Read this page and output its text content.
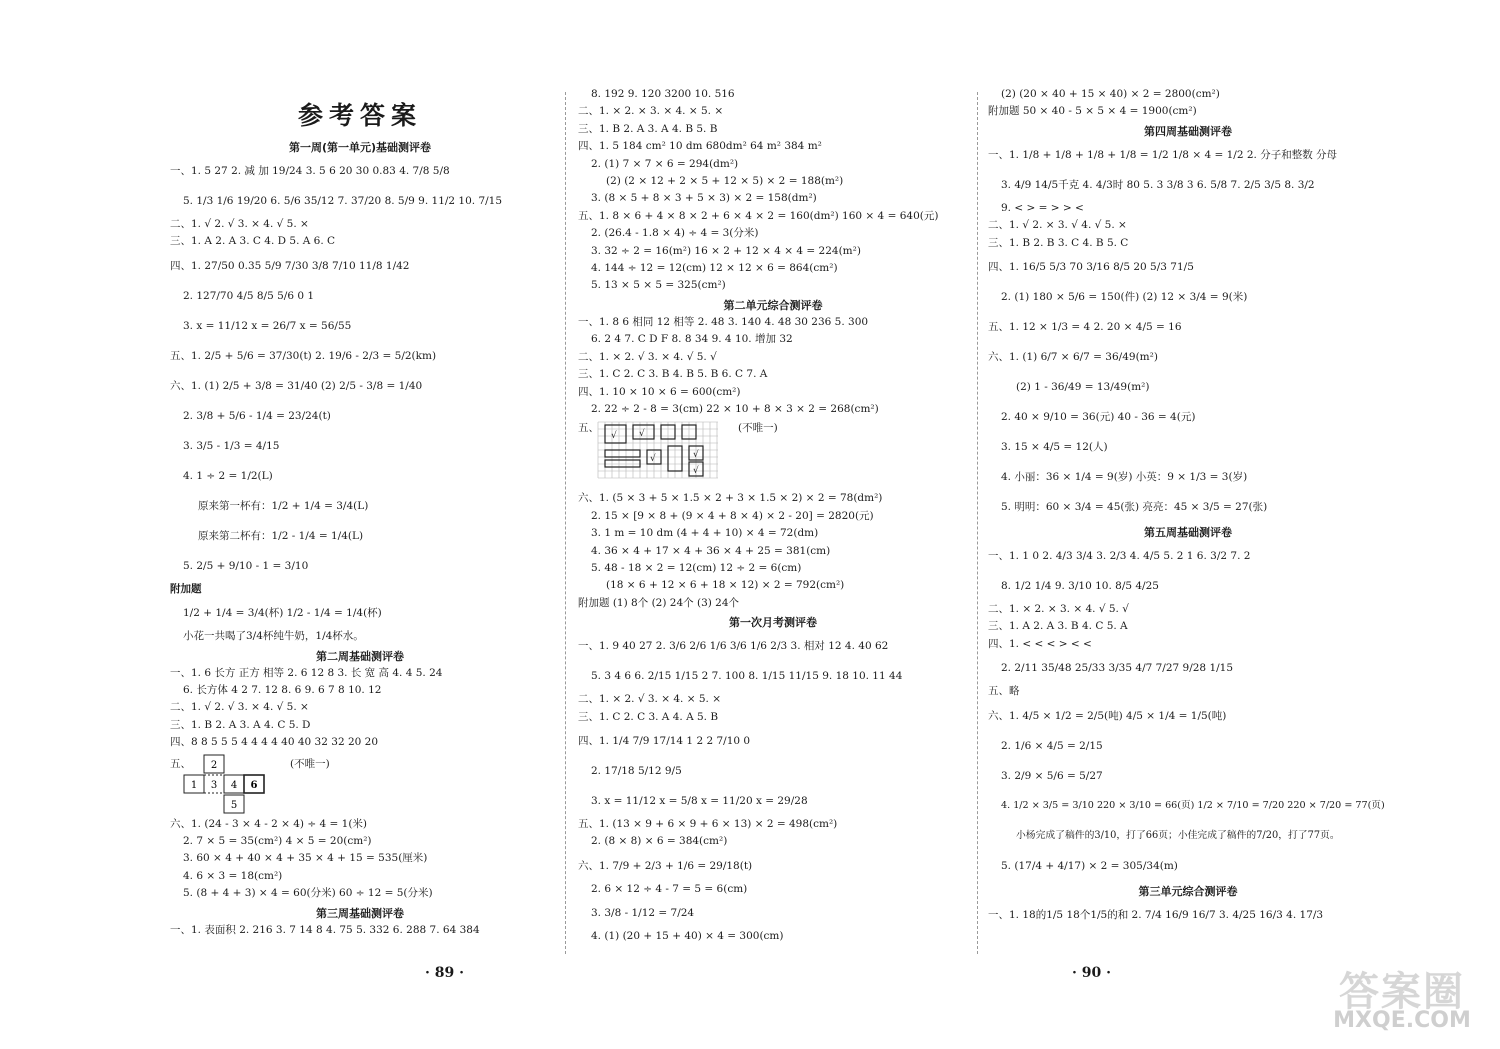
参考答案
第一周(第一单元)基础测评卷
一、1. 5 27 2. 减 加 19/24 3. 5 6 20 30 0.83 4. 7/8 5/8
5. 1/3 1/6 19/20 6. 5/6 35/12 7. 37/20 8. 5/9 9. 11/2 10. 7/15
二、1. √ 2. √ 3. × 4. √ 5. ×
三、1. A 2. A 3. C 4. D 5. A 6. C
四、1. 27/50 0.35 5/9 7/30 3/8 7/10 11/8 1/42
2. 127/70 4/5 8/5 5/6 0 1
3. x = 11/12 x = 26/7 x = 56/55
五、1. 2/5 + 5/6 = 37/30(t) 2. 19/6 - 2/3 = 5/2(km)
六、1. (1) 2/5 + 3/8 = 31/40 (2) 2/5 - 3/8 = 1/40
2. 3/8 + 5/6 - 1/4 = 23/24(t)
3. 3/5 - 1/3 = 4/15
4. 1 ÷ 2 = 1/2(L)
原来第一杯有：1/2 + 1/4 = 3/4(L)
原来第二杯有：1/2 - 1/4 = 1/4(L)
5. 2/5 + 9/10 - 1 = 3/10
附加题
1/2 + 1/4 = 3/4(杯) 1/2 - 1/4 = 1/4(杯)
小花一共喝了3/4杯纯牛奶，1/4杯水。
第二周基础测评卷
一、1. 6 长方 正方 相等 2. 6 12 8 3. 长 宽 高 4. 4 5. 24
6. 长方体 4 2 7. 12 8. 6 9. 6 7 8 10. 12
二、1. √ 2. √ 3. × 4. √ 5. ×
三、1. B 2. A 3. A 4. C 5. D
四、8 8 5 5 5 4 4 4 4 40 40 32 32 20 20
五、 2
1 3 4 6
5
(不唯一)
六、1. (24 - 3 × 4 - 2 × 4) ÷ 4 = 1(米)
2. 7 × 5 = 35(cm²) 4 × 5 = 20(cm²)
3. 60 × 4 + 40 × 4 + 35 × 4 + 15 = 535(厘米)
4. 6 × 3 = 18(cm²)
5. (8 + 4 + 3) × 4 = 60(分米) 60 ÷ 12 = 5(分米)
第三周基础测评卷
一、1. 表面积 2. 216 3. 7 14 8 4. 75 5. 332 6. 288 7. 64 384
8. 192 9. 120 3200 10. 516
二、1. × 2. × 3. × 4. × 5. ×
三、1. B 2. A 3. A 4. B 5. B
四、1. 5 184 cm² 10 dm 680dm² 64 m² 384 m²
2. (1) 7 × 7 × 6 = 294(dm²)
(2) (2 × 12 + 2 × 5 + 12 × 5) × 2 = 188(m²)
3. (8 × 5 + 8 × 3 + 5 × 3) × 2 = 158(dm²)
五、1. 8 × 6 + 4 × 8 × 2 + 6 × 4 × 2 = 160(dm²) 160 × 4 = 640(元)
2. (26.4 - 1.8 × 4) ÷ 4 = 3(分米)
3. 32 ÷ 2 = 16(m²) 16 × 2 + 12 × 4 × 4 = 224(m²)
4. 144 ÷ 12 = 12(cm) 12 × 12 × 6 = 864(cm²)
5. 13 × 5 × 5 = 325(cm²)
第二单元综合测评卷
一、1. 8 6 相同 12 相等 2. 48 3. 140 4. 48 30 236 5. 300
6. 2 4 7. C D F 8. 8 34 9. 4 10. 增加 32
二、1. × 2. √ 3. × 4. √ 5. √
三、1. C 2. C 3. B 4. B 5. B 6. C 7. A
四、1. 10 × 10 × 6 = 600(cm²)
2. 22 ÷ 2 - 8 = 3(cm) 22 × 10 + 8 × 3 × 2 = 268(cm²)
五、
√ √
√	√
√
(不唯一)
六、1. (5 × 3 + 5 × 1.5 × 2 + 3 × 1.5 × 2) × 2 = 78(dm²)
2. 15 × [9 × 8 + (9 × 4 + 8 × 4) × 2 - 20] = 2820(元)
3. 1 m = 10 dm (4 + 4 + 10) × 4 = 72(dm)
4. 36 × 4 + 17 × 4 + 36 × 4 + 25 = 381(cm)
5. 48 - 18 × 2 = 12(cm) 12 ÷ 2 = 6(cm)
(18 × 6 + 12 × 6 + 18 × 12) × 2 = 792(cm²)
附加题 (1) 8个 (2) 24个 (3) 24个
第一次月考测评卷
一、1. 9 40 27 2. 3/6 2/6 1/6 3/6 1/6 2/3 3. 相对 12 4. 40 62
5. 3 4 6 6. 2/15 1/15 2 7. 100 8. 1/15 11/15 9. 18 10. 11 44
二、1. × 2. √ 3. × 4. × 5. ×
三、1. C 2. C 3. A 4. A 5. B
四、1. 1/4 7/9 17/14 1 2 2 7/10 0
2. 17/18 5/12 9/5
3. x = 11/12 x = 5/8 x = 11/20 x = 29/28
五、1. (13 × 9 + 6 × 9 + 6 × 13) × 2 = 498(cm²)
2. (8 × 8) × 6 = 384(cm²)
六、1. 7/9 + 2/3 + 1/6 = 29/18(t)
2. 6 × 12 ÷ 4 - 7 = 5 = 6(cm)
3. 3/8 - 1/12 = 7/24
4. (1) (20 + 15 + 40) × 4 = 300(cm)
(2) (20 × 40 + 15 × 40) × 2 = 2800(cm²)
附加题 50 × 40 - 5 × 5 × 4 = 1900(cm²)
第四周基础测评卷
一、1. 1/8 + 1/8 + 1/8 + 1/8 = 1/2 1/8 × 4 = 1/2 2. 分子和整数 分母
3. 4/9 14/5千克 4. 4/3时 80 5. 3 3/8 3 6. 5/8 7. 2/5 3/5 8. 3/2
9. < > = > > <
二、1. √ 2. × 3. √ 4. √ 5. ×
三、1. B 2. B 3. C 4. B 5. C
四、1. 16/5 5/3 70 3/16 8/5 20 5/3 71/5
2. (1) 180 × 5/6 = 150(件) (2) 12 × 3/4 = 9(米)
五、1. 12 × 1/3 = 4 2. 20 × 4/5 = 16
六、1. (1) 6/7 × 6/7 = 36/49(m²)
(2) 1 - 36/49 = 13/49(m²)
2. 40 × 9/10 = 36(元) 40 - 36 = 4(元)
3. 15 × 4/5 = 12(人)
4. 小丽：36 × 1/4 = 9(岁) 小英：9 × 1/3 = 3(岁)
5. 明明：60 × 3/4 = 45(张) 亮亮：45 × 3/5 = 27(张)
第五周基础测评卷
一、1. 1 0 2. 4/3 3/4 3. 2/3 4. 4/5 5. 2 1 6. 3/2 7. 2
8. 1/2 1/4 9. 3/10 10. 8/5 4/25
二、1. × 2. × 3. × 4. √ 5. √
三、1. A 2. A 3. B 4. C 5. A
四、1. < < < > < <
2. 2/11 35/48 25/33 3/35 4/7 7/27 9/28 1/15
五、略
六、1. 4/5 × 1/2 = 2/5(吨) 4/5 × 1/4 = 1/5(吨)
2. 1/6 × 4/5 = 2/15
3. 2/9 × 5/6 = 5/27
4. 1/2 × 3/5 = 3/10 220 × 3/10 = 66(页) 1/2 × 7/10 = 7/20 220 × 7/20 = 77(页)
小杨完成了稿件的3/10，打了66页；小佳完成了稿件的7/20，打了77页。
5. (17/4 + 4/17) × 2 = 305/34(m)
第三单元综合测评卷
一、1. 18的1/5 18个1/5的和 2. 7/4 16/9 16/7 3. 4/25 16/3 4. 17/3
· 89 ·	· 90 ·	答案圈
MXQE.COM
